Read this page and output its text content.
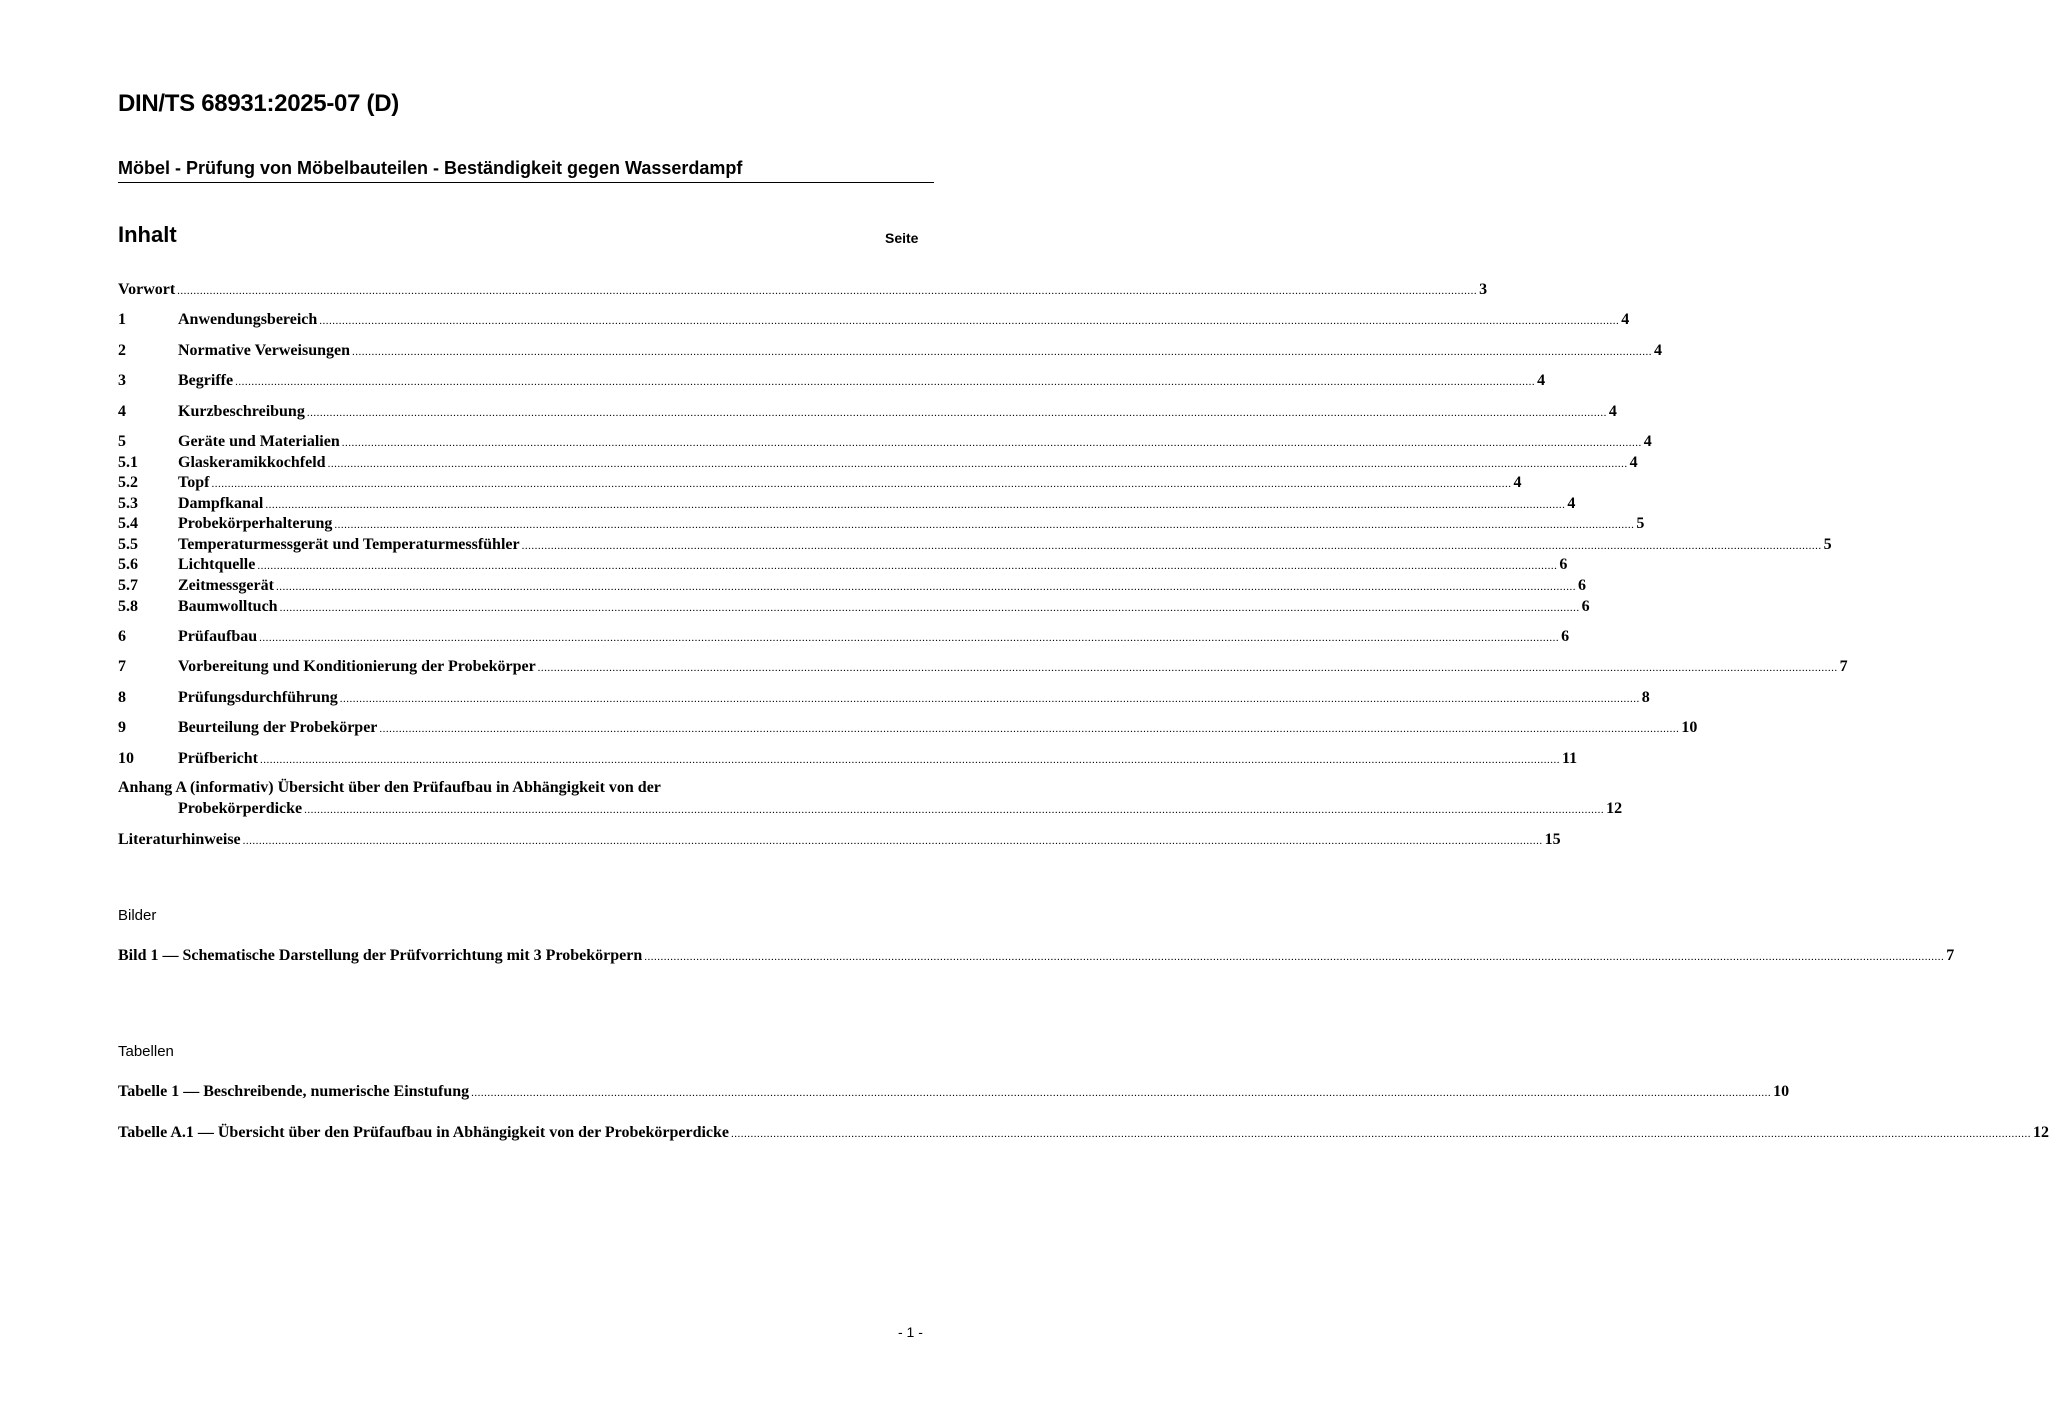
DIN/TS 68931:2025-07 (D)
Möbel - Prüfung von Möbelbauteilen - Beständigkeit gegen Wasserdampf
Inhalt	Seite
Vorwort ................................................................................................................................................................................................................................................................................................................................................................................................................ 3
1	Anwendungsbereich ................................................................................................................................................................................................................................................................................................................................................................................................................ 4
2	Normative Verweisungen ................................................................................................................................................................................................................................................................................................................................................................................................................ 4
3	Begriffe ................................................................................................................................................................................................................................................................................................................................................................................................................ 4
4	Kurzbeschreibung ................................................................................................................................................................................................................................................................................................................................................................................................................ 4
5	Geräte und Materialien ................................................................................................................................................................................................................................................................................................................................................................................................................ 4
5.1	Glaskeramikkochfeld ................................................................................................................................................................................................................................................................................................................................................................................................................ 4
5.2	Topf ................................................................................................................................................................................................................................................................................................................................................................................................................ 4
5.3	Dampfkanal ................................................................................................................................................................................................................................................................................................................................................................................................................ 4
5.4	Probekörperhalterung ................................................................................................................................................................................................................................................................................................................................................................................................................ 5
5.5	Temperaturmessgerät und Temperaturmessfühler ................................................................................................................................................................................................................................................................................................................................................................................................................ 5
5.6	Lichtquelle ................................................................................................................................................................................................................................................................................................................................................................................................................ 6
5.7	Zeitmessgerät ................................................................................................................................................................................................................................................................................................................................................................................................................ 6
5.8	Baumwolltuch ................................................................................................................................................................................................................................................................................................................................................................................................................ 6
6	Prüfaufbau ................................................................................................................................................................................................................................................................................................................................................................................................................ 6
7	Vorbereitung und Konditionierung der Probekörper ................................................................................................................................................................................................................................................................................................................................................................................................................ 7
8	Prüfungsdurchführung ................................................................................................................................................................................................................................................................................................................................................................................................................ 8
9	Beurteilung der Probekörper ................................................................................................................................................................................................................................................................................................................................................................................................................ 10
10	Prüfbericht ................................................................................................................................................................................................................................................................................................................................................................................................................ 11
Anhang A (informativ) Übersicht über den Prüfaufbau in Abhängigkeit von der
Probekörperdicke ................................................................................................................................................................................................................................................................................................................................................................................................................ 12
Literaturhinweise ................................................................................................................................................................................................................................................................................................................................................................................................................ 15
Bilder
Bild 1 — Schematische Darstellung der Prüfvorrichtung mit 3 Probekörpern ................................................................................................................................................................................................................................................................................................................................................................................................................ 7
Tabellen
Tabelle 1 — Beschreibende, numerische Einstufung ................................................................................................................................................................................................................................................................................................................................................................................................................ 10
Tabelle A.1 — Übersicht über den Prüfaufbau in Abhängigkeit von der Probekörperdicke ................................................................................................................................................................................................................................................................................................................................................................................................................ 12
- 1 -
